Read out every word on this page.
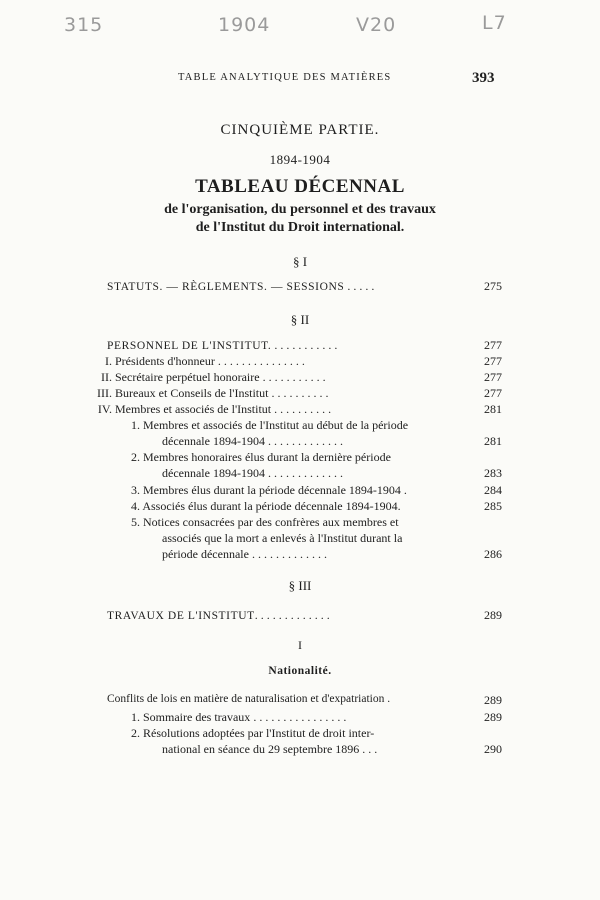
315	1904	V20	L7
TABLE ANALYTIQUE DES MATIÈRES	393
CINQUIÈME PARTIE.
1894-1904
TABLEAU DÉCENNAL
de l'organisation, du personnel et des travaux
de l'Institut du Droit international.
§ I
STATUTS. — RÈGLEMENTS. — SESSIONS . . . . .	275
§ II
PERSONNEL DE L'INSTITUT. . . . . . . . . . . .	277
I. Présidents d'honneur . . . . . . . . . . . . . . .	277
II. Secrétaire perpétuel honoraire . . . . . . . . . . .	277
III. Bureaux et Conseils de l'Institut . . . . . . . . . .	277
IV. Membres et associés de l'Institut . . . . . . . . . .	281
1. Membres et associés de l'Institut au début de la période
décennale 1894-1904 . . . . . . . . . . . . .	281
2. Membres honoraires élus durant la dernière période
décennale 1894-1904 . . . . . . . . . . . . .	283
3. Membres élus durant la période décennale 1894-1904 .	284
4. Associés élus durant la période décennale 1894-1904.	285
5. Notices consacrées par des confrères aux membres et
associés que la mort a enlevés à l'Institut durant la
période décennale . . . . . . . . . . . . .	286
§ III
TRAVAUX DE L'INSTITUT. . . . . . . . . . . . .	289
I
Nationalité.
Conflits de lois en matière de naturalisation et d'expatriation .	289
1. Sommaire des travaux . . . . . . . . . . . . . . . .	289
2. Résolutions adoptées par l'Institut de droit inter-
national en séance du 29 septembre 1896 . . .	290
